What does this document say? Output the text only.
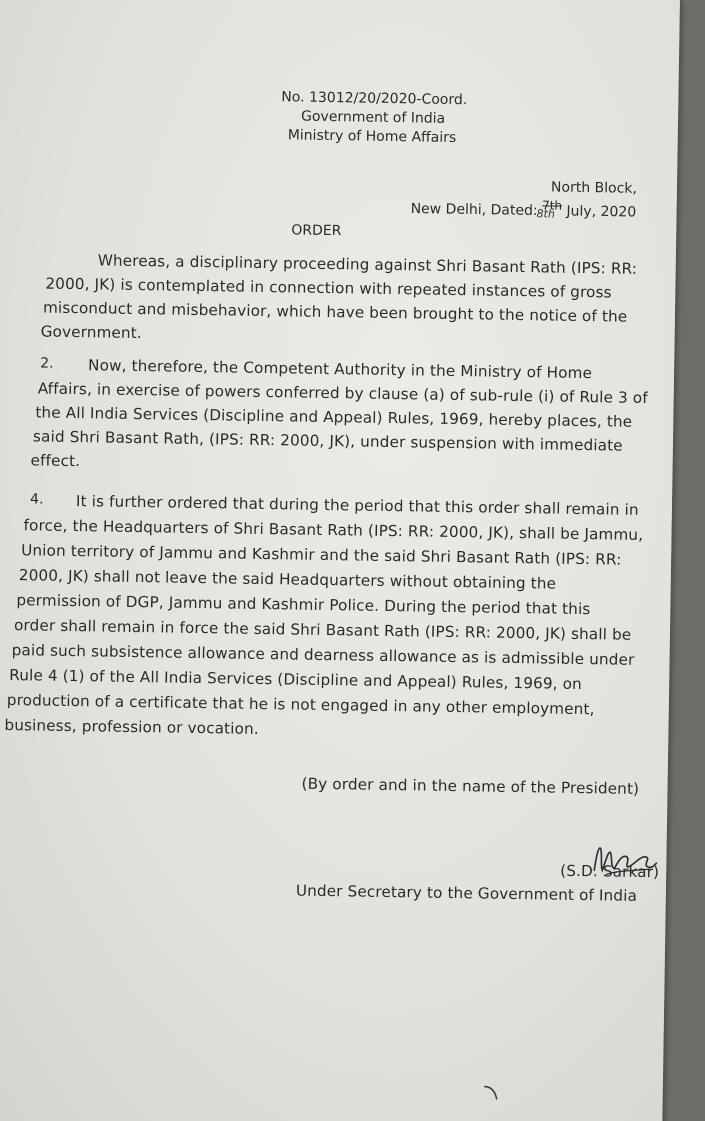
No. 13012/20/2020-Coord.
Government of India
Ministry of Home Affairs
North Block,
New Delhi, Dated: 7th July, 2020
8th
ORDER
Whereas, a disciplinary proceeding against Shri Basant Rath (IPS: RR:
2000, JK) is contemplated in connection with repeated instances of gross
misconduct and misbehavior, which have been brought to the notice of the
Government.
2. Now, therefore, the Competent Authority in the Ministry of Home
Affairs, in exercise of powers conferred by clause (a) of sub-rule (i) of Rule 3 of
the All India Services (Discipline and Appeal) Rules, 1969, hereby places, the
said Shri Basant Rath, (IPS: RR: 2000, JK), under suspension with immediate
effect.
4. It is further ordered that during the period that this order shall remain in
force, the Headquarters of Shri Basant Rath (IPS: RR: 2000, JK), shall be Jammu,
Union territory of Jammu and Kashmir and the said Shri Basant Rath (IPS: RR:
2000, JK) shall not leave the said Headquarters without obtaining the
permission of DGP, Jammu and Kashmir Police. During the period that this
order shall remain in force the said Shri Basant Rath (IPS: RR: 2000, JK) shall be
paid such subsistence allowance and dearness allowance as is admissible under
Rule 4 (1) of the All India Services (Discipline and Appeal) Rules, 1969, on
production of a certificate that he is not engaged in any other employment,
business, profession or vocation.
(By order and in the name of the President)
(S.D. Sarkar)
Under Secretary to the Government of India
